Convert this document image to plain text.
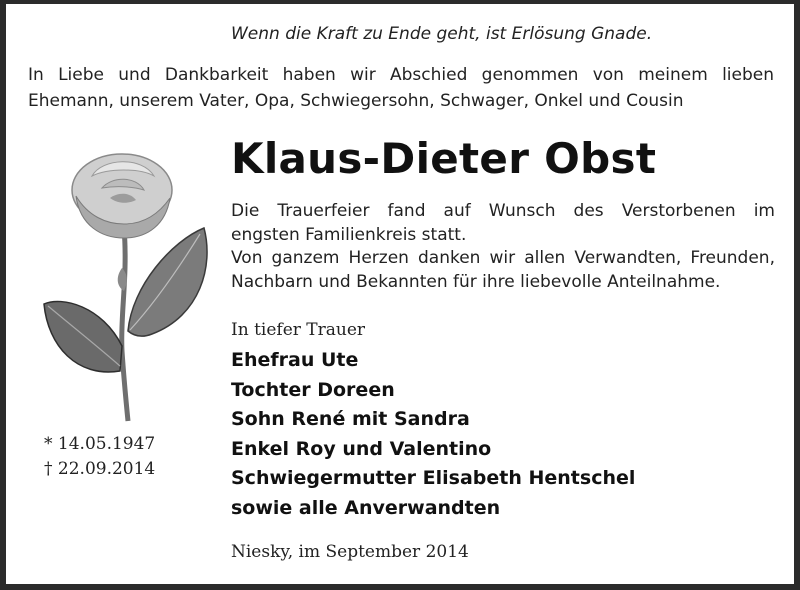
Wenn die Kraft zu Ende geht, ist Erlösung Gnade.
In Liebe und Dankbarkeit haben wir Abschied genommen von meinem lieben
Ehemann, unserem Vater, Opa, Schwiegersohn, Schwager, Onkel und Cousin
Klaus-Dieter Obst
Die Trauerfeier fand auf Wunsch des Verstorbenen im
engsten Familienkreis statt.
Von ganzem Herzen danken wir allen Verwandten, Freunden,
Nachbarn und Bekannten für ihre liebevolle Anteilnahme.
In tiefer Trauer
Ehefrau Ute
Tochter Doreen
Sohn René mit Sandra
Enkel Roy und Valentino
Schwiegermutter Elisabeth Hentschel
sowie alle Anverwandten
* 14.05.1947
† 22.09.2014
Niesky, im September 2014
